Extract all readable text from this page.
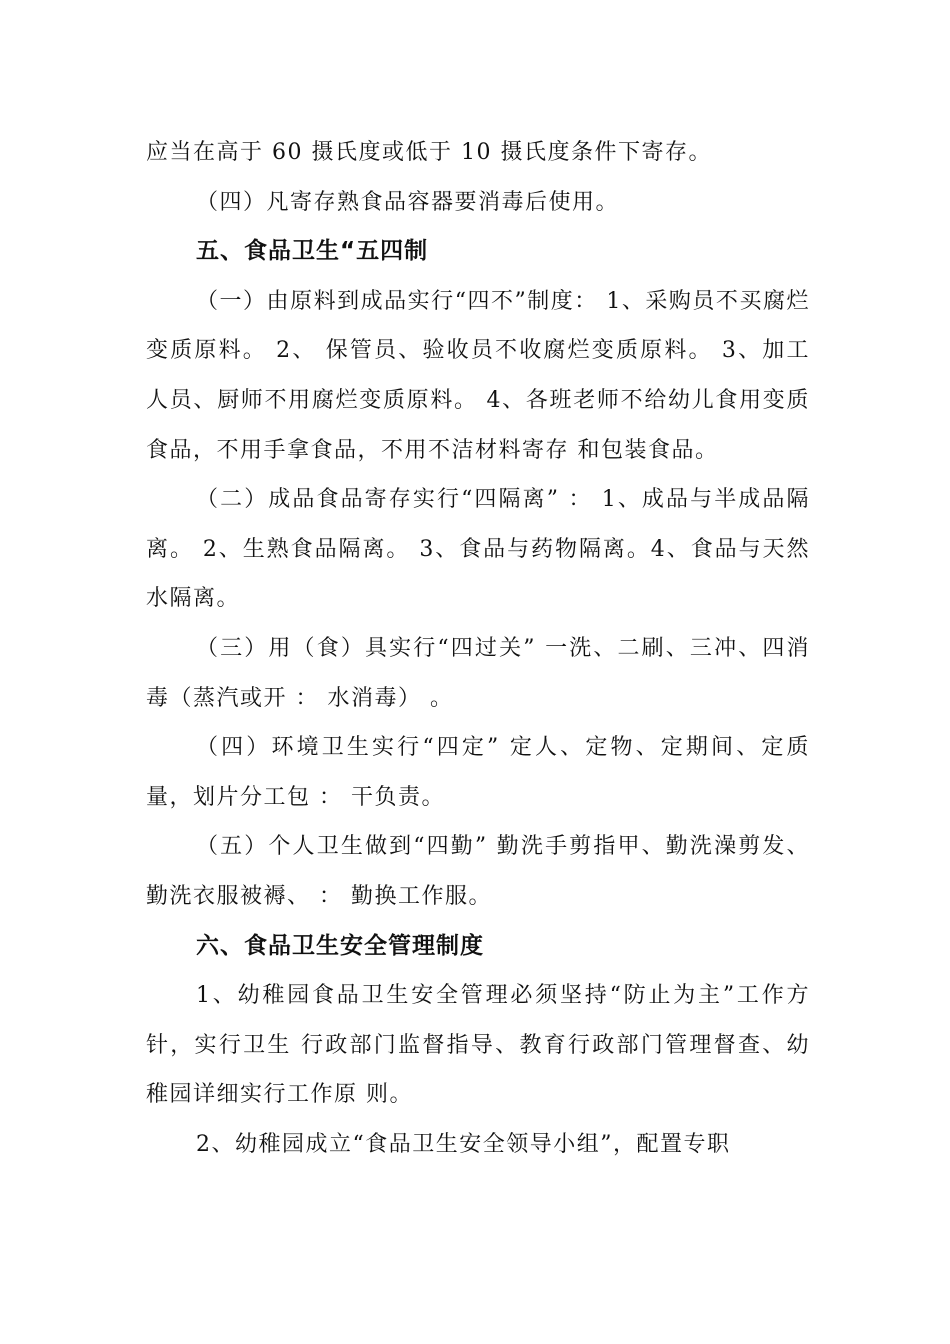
应当在高于 60 摄氏度或低于 10 摄氏度条件下寄存。

（四）凡寄存熟食品容器要消毒后使用。

五、食品卫生“五四制

（一）由原料到成品实行“四不”制度： 1、采购员不买腐烂变质原料。 2、 保管员、验收员不收腐烂变质原料。 3、加工人员、厨师不用腐烂变质原料。 4、各班老师不给幼儿食用变质食品，不用手拿食品，不用不洁材料寄存 和包装食品。

（二）成品食品寄存实行“四隔离” ： 1、成品与半成品隔离。 2、生熟食品隔离。 3、食品与药物隔离。4、食品与天然水隔离。

（三）用（食）具实行“四过关” 一洗、二刷、三冲、四消毒（蒸汽或开 ： 水消毒） 。

（四）环境卫生实行“四定” 定人、定物、定期间、定质量，划片分工包 ： 干负责。

（五）个人卫生做到“四勤” 勤洗手剪指甲、勤洗澡剪发、勤洗衣服被褥、 ： 勤换工作服。

六、食品卫生安全管理制度

1、幼稚园食品卫生安全管理必须坚持“防止为主”工作方针，实行卫生 行政部门监督指导、教育行政部门管理督查、幼稚园详细实行工作原 则。

2、幼稚园成立“食品卫生安全领导小组”，配置专职
